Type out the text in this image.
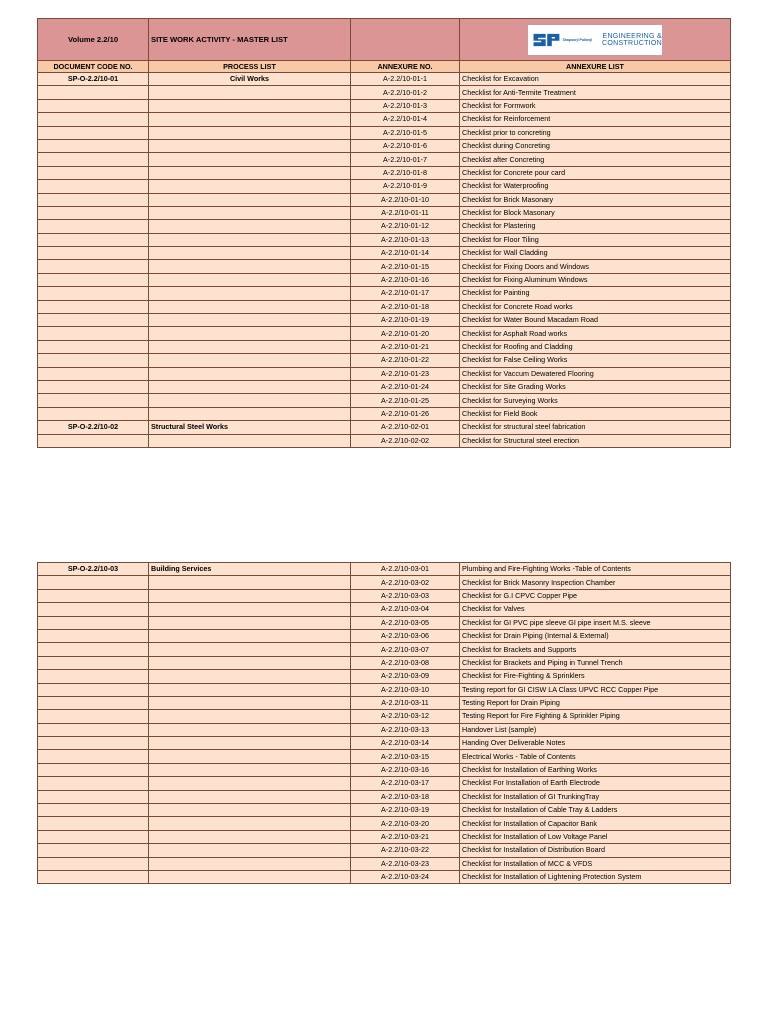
Volume 2.2/10	SITE WORK ACTIVITY - MASTER LIST		Shapoorji Pallonji
ENGINEERING &
CONSTRUCTION

DOCUMENT CODE NO.	PROCESS LIST	ANNEXURE NO.	ANNEXURE LIST
SP-O-2.2/10-01	Civil Works	A-2.2/10-01-1	Checklist for Excavation
		A-2.2/10-01-2	Checklist for Anti-Termite Treatment
		A-2.2/10-01-3	Checklist for Formwork
		A-2.2/10-01-4	Checklist for Reinforcement
		A-2.2/10-01-5	Checklist prior to concreting
		A-2.2/10-01-6	Checklist during Concreting
		A-2.2/10-01-7	Checklist after Concreting
		A-2.2/10-01-8	Checklist for Concrete pour card
		A-2.2/10-01-9	Checklist for Waterproofing
		A-2.2/10-01-10	Checklist for Brick Masonary
		A-2.2/10-01-11	Checklist for Block Masonary
		A-2.2/10-01-12	Checklist for Plastering
		A-2.2/10-01-13	Checklist for Floor Tiling
		A-2.2/10-01-14	Checklist for Wall Cladding
		A-2.2/10-01-15	Checklist for Fixing Doors and Windows
		A-2.2/10-01-16	Checklist for Fixing Aluminum Windows
		A-2.2/10-01-17	Checklist for Painting
		A-2.2/10-01-18	Checklist for Concrete Road works
		A-2.2/10-01-19	Checklist for Water Bound Macadam Road
		A-2.2/10-01-20	Checklist for Asphalt Road works
		A-2.2/10-01-21	Checklist for Roofing and Cladding
		A-2.2/10-01-22	Checklist for False Ceiling Works
		A-2.2/10-01-23	Checklist for Vaccum Dewatered Flooring
		A-2.2/10-01-24	Checklist for Site Grading Works
		A-2.2/10-01-25	Checklist for Surveying Works
		A-2.2/10-01-26	Checklist for Field Book
SP-O-2.2/10-02	Structural Steel Works	A-2.2/10-02-01	Checklist for structural steel fabrication
		A-2.2/10-02-02	Checklist for Structural steel erection
SP-O-2.2/10-03	Building Services	A-2.2/10-03-01	Plumbing and Fire-Fighting Works -Table of Contents
		A-2.2/10-03-02	Checklist for Brick Masonry Inspection Chamber
		A-2.2/10-03-03	Checklist for G.I CPVC Copper Pipe
		A-2.2/10-03-04	Checklist for Valves
		A-2.2/10-03-05	Checklist for GI PVC pipe sleeve GI pipe insert M.S. sleeve
		A-2.2/10-03-06	Checklist for Drain Piping (Internal & External)
		A-2.2/10-03-07	Checklist for Brackets and Supports
		A-2.2/10-03-08	Checklist for Brackets and Piping in Tunnel Trench
		A-2.2/10-03-09	Checklist for Fire-Fighting & Sprinklers
		A-2.2/10-03-10	Testing report for GI CISW LA Class UPVC RCC Copper Pipe
		A-2.2/10-03-11	Testing Report for Drain Piping
		A-2.2/10-03-12	Testing Report for Fire Fighting & Sprinkler Piping
		A-2.2/10-03-13	Handover List (sample)
		A-2.2/10-03-14	Handing Over Deliverable Notes
		A-2.2/10-03-15	Electrical Works - Table of Contents
		A-2.2/10-03-16	Checklist for Installation of Earthing Works
		A-2.2/10-03-17	Checklist For Installation of Earth Electrode
		A-2.2/10-03-18	Checklist for Installation of GI TrunkingTray
		A-2.2/10-03-19	Checklist for Installation of Cable Tray & Ladders
		A-2.2/10-03-20	Checklist for Installation of Capacitor Bank
		A-2.2/10-03-21	Checklist for Installation of Low Voltage Panel
		A-2.2/10-03-22	Checklist for Installation of Distribution Board
		A-2.2/10-03-23	Checklist for Installation of MCC & VFDS
		A-2.2/10-03-24	Checklist for Installation of Lightening Protection System
